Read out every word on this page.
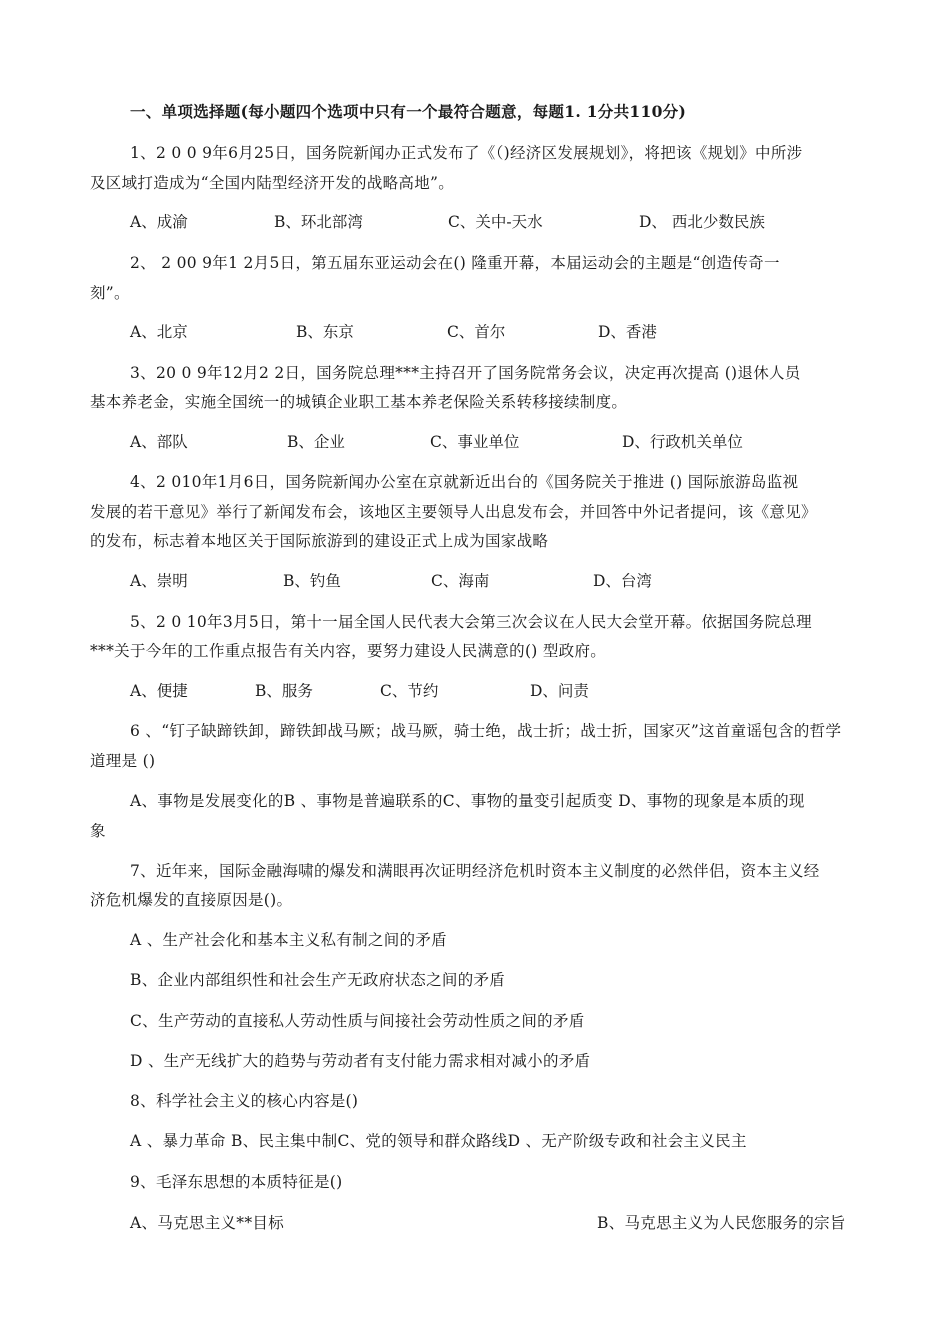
一、单项选择题(每小题四个选项中只有一个最符合题意，每题1. 1分共110分)
1、2 0 0 9年6月25日，国务院新闻办正式发布了《（)经济区发展规划》，将把该《规划》中所涉
及区域打造成为“全国内陆型经济开发的战略高地”。
A、成渝	B、环北部湾	C、关中-天水	D、 西北少数民族
2、 2 00 9年1 2月5日，第五届东亚运动会在() 隆重开幕，本届运动会的主题是“创造传奇一
刻”。
A、北京	B、东京	C、首尔	D、香港
3、20 0 9年12月2 2日，国务院总理***主持召开了国务院常务会议，决定再次提高 ()退休人员
基本养老金，实施全国统一的城镇企业职工基本养老保险关系转移接续制度。
A、部队	B、企业	C、事业单位	D、行政机关单位
4、2 010年1月6日，国务院新闻办公室在京就新近出台的《国务院关于推进 () 国际旅游岛监视
发展的若干意见》举行了新闻发布会，该地区主要领导人出息发布会，并回答中外记者提问，该《意见》
的发布，标志着本地区关于国际旅游到的建设正式上成为国家战略
A、崇明	B、钓鱼	C、海南	D、台湾
5、2 0 10年3月5日，第十一届全国人民代表大会第三次会议在人民大会堂开幕。依据国务院总理
***关于今年的工作重点报告有关内容，要努力建设人民满意的() 型政府。
A、便捷	B、服务	C、节约	D、问责
6 、“钉子缺蹄铁卸，蹄铁卸战马厥；战马厥，骑士绝，战士折；战士折，国家灭”这首童谣包含的哲学
道理是 ()
A、事物是发展变化的B 、事物是普遍联系的C、事物的量变引起质变 D、事物的现象是本质的现
象
7、近年来，国际金融海啸的爆发和满眼再次证明经济危机时资本主义制度的必然伴侣，资本主义经
济危机爆发的直接原因是()。
A 、生产社会化和基本主义私有制之间的矛盾
B、企业内部组织性和社会生产无政府状态之间的矛盾
C、生产劳动的直接私人劳动性质与间接社会劳动性质之间的矛盾
D 、生产无线扩大的趋势与劳动者有支付能力需求相对减小的矛盾
8、科学社会主义的核心内容是()
A 、暴力革命 B、民主集中制C、党的领导和群众路线D 、无产阶级专政和社会主义民主
9、毛泽东思想的本质特征是()
A、马克思主义**目标	B、马克思主义为人民您服务的宗旨
